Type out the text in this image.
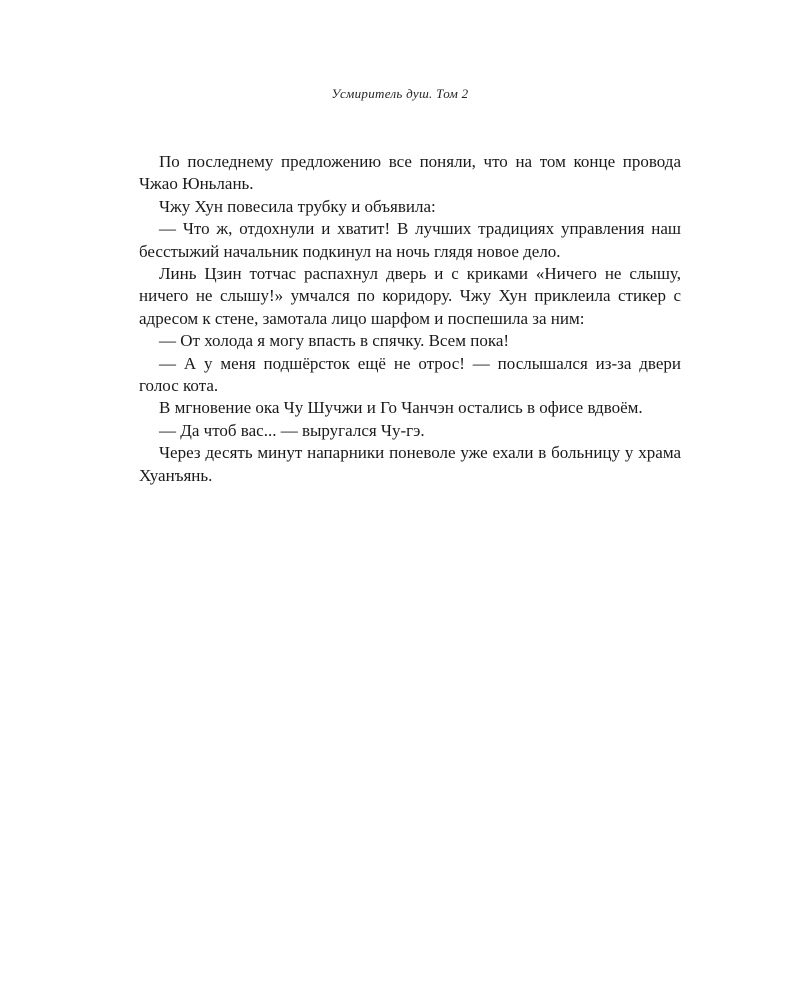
Усмиритель душ. Том 2

По последнему предложению все поняли, что на том конце провода Чжао Юньлань.

Чжу Хун повесила трубку и объявила:

— Что ж, отдохнули и хватит! В лучших традициях управления наш бесстыжий начальник подкинул на ночь глядя новое дело.

Линь Цзин тотчас распахнул дверь и с криками «Ничего не слышу, ничего не слышу!» умчался по коридору. Чжу Хун приклеила стикер с адресом к стене, замотала лицо шарфом и поспешила за ним:

— От холода я могу впасть в спячку. Всем пока!

— А у меня подшёрсток ещё не отрос! — послышался из-за двери голос кота.

В мгновение ока Чу Шучжи и Го Чанчэн остались в офисе вдвоём.

— Да чтоб вас... — выругался Чу-гэ.

Через десять минут напарники поневоле уже ехали в больницу у храма Хуанъянь.
